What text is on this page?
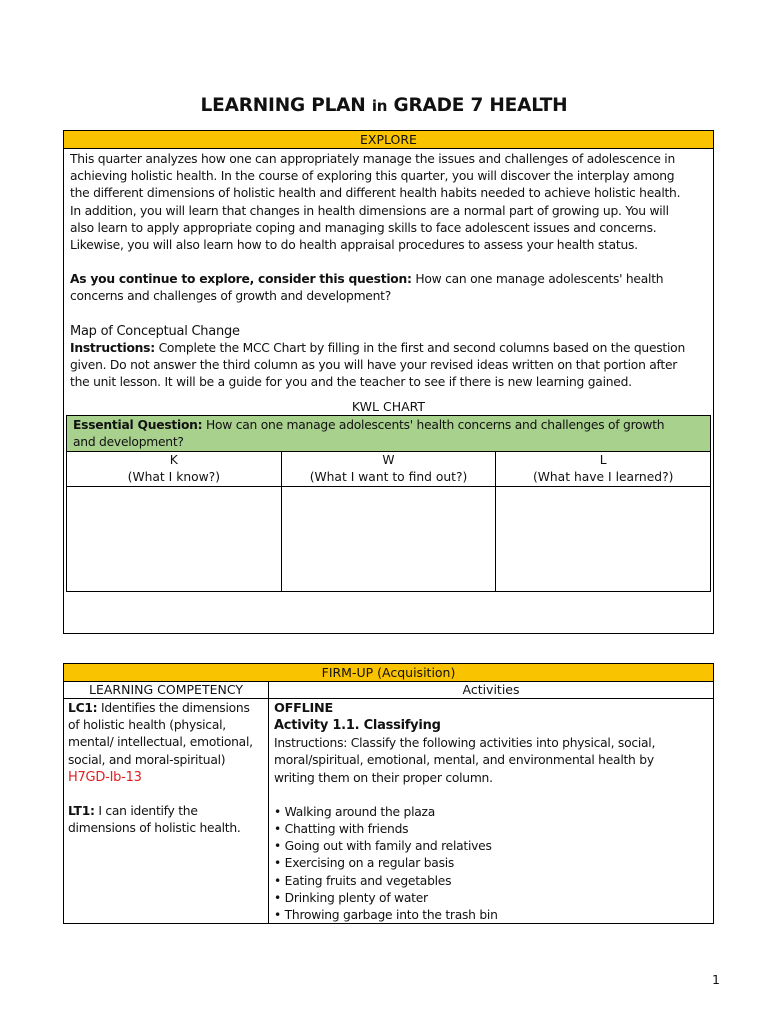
LEARNING PLAN in GRADE 7 HEALTH
EXPLORE

This quarter analyzes how one can appropriately manage the issues and challenges of adolescence in

achieving holistic health. In the course of exploring this quarter, you will discover the interplay among

the different dimensions of holistic health and different health habits needed to achieve holistic health.

In addition, you will learn that changes in health dimensions are a normal part of growing up. You will

also learn to apply appropriate coping and managing skills to face adolescent issues and concerns.

Likewise, you will also learn how to do health appraisal procedures to assess your health status.

As you continue to explore, consider this question: How can one manage adolescents' health

concerns and challenges of growth and development?

Map of Conceptual Change

Instructions: Complete the MCC Chart by filling in the first and second columns based on the question

given. Do not answer the third column as you will have your revised ideas written on that portion after

the unit lesson. It will be a guide for you and the teacher to see if there is new learning gained.

KWL CHART
Essential Question: How can one manage adolescents' health concerns and challenges of growth
and development?
K
(What I know?)
W
(What I want to find out?)
L
(What have I learned?)
FIRM-UP (Acquisition)
LEARNING COMPETENCY	Activities
LC1: Identifies the dimensions
of holistic health (physical,
mental/ intellectual, emotional,
social, and moral-spiritual)
H7GD-Ib-13
LT1: I can identify the
dimensions of holistic health.
OFFLINE
Activity 1.1. Classifying
Instructions: Classify the following activities into physical, social,
moral/spiritual, emotional, mental, and environmental health by
writing them on their proper column.
• Walking around the plaza
• Chatting with friends
• Going out with family and relatives
• Exercising on a regular basis
• Eating fruits and vegetables
• Drinking plenty of water
• Throwing garbage into the trash bin
1
